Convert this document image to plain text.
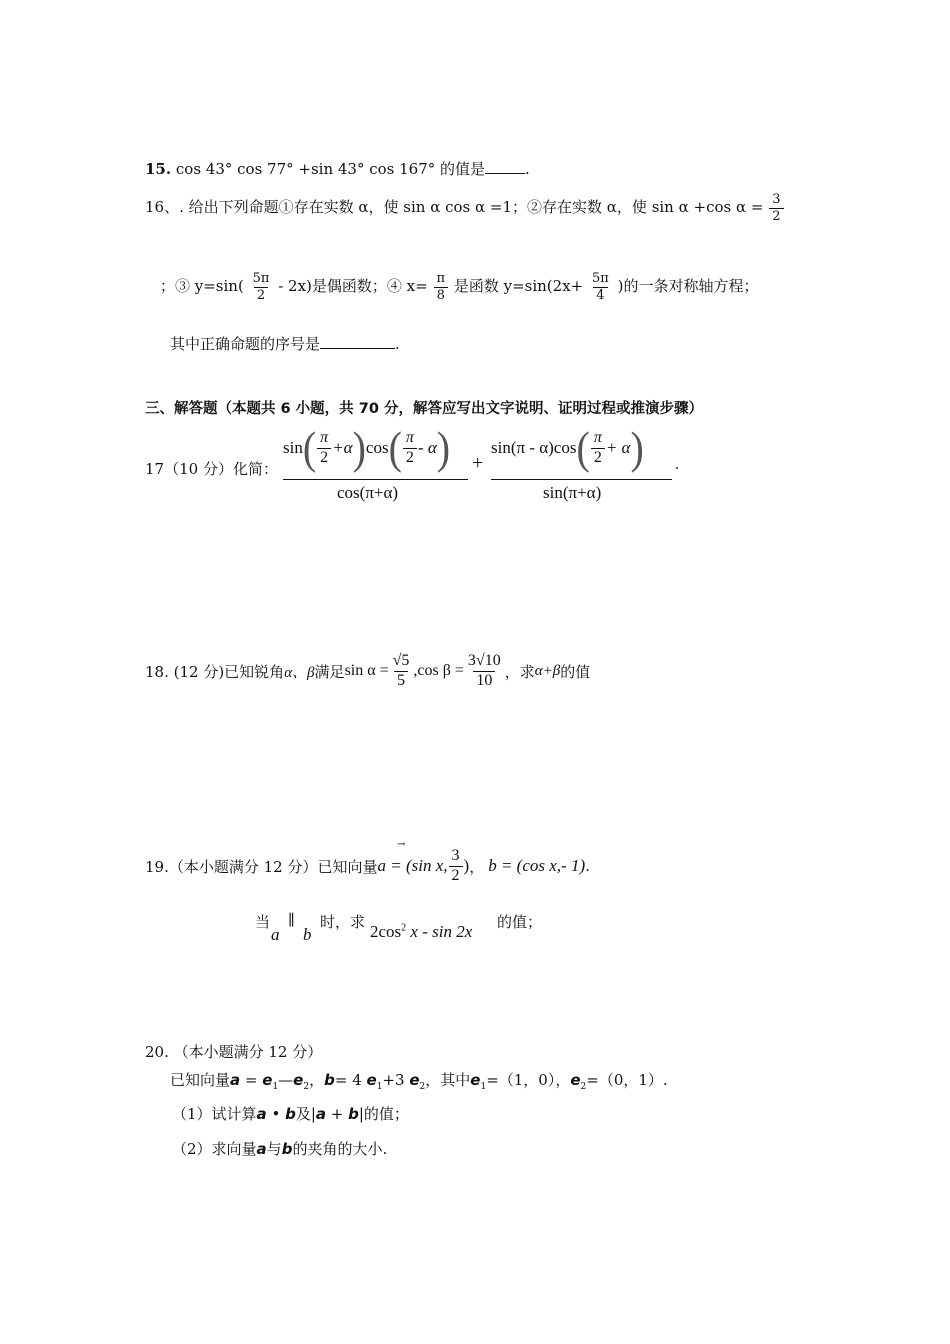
15. cos 43° cos 77° +sin 43° cos 167° 的值是	.
16、. 给出下列命题①存在实数 α，使 sin α cos α =1；②存在实数 α，使 sin α +cos $\alpha = \frac{3}{2}$
；③ $y=\sin( \frac{5\pi}{2} - 2x)$是偶函数；④ $x= \frac{\pi}{8}$ 是函数 $y=\sin(2x+ \frac{5\pi}{4}$ )的一条对称轴方程；
其中正确命题的序号是	.
三、解答题（本题共 6 小题，共 70 分，解答应写出文字说明、证明过程或推演步骤）
17（10 分）化简：
sin ( $\frac{\pi}{2} +\alpha$ ) cos ( $\frac{\pi}{2}$ - α )
cos(π+α)
+
sin(π - α)cos ( $\frac{\pi}{2} + \alpha$ )
sin(π+α)
.
18. (12 分)已知锐角 α、β 满足 $\sin \alpha = \frac{√5}{5} ,\cos$ $\beta = \frac{3√10}{10}$ ，求 α+β 的值
→
19.（本小题满分 12 分）已知向量 a = (sin x, $\frac{3}{2}$ ) ， b = (cos x,- 1) .
当
a
∥
b
时，求 $2\cos^2$ x - sin 2x 的值；
20. （本小题满分 12 分）
已知向量$a = e_1—e_2$，b= 4 $e_1+3$ $e_2$，其中$e_1=(1$，0），$e_2=(0$，1）.
（1）试计算a • b及|a + b|的值；
（2）求向量a与b的夹角的大小.
